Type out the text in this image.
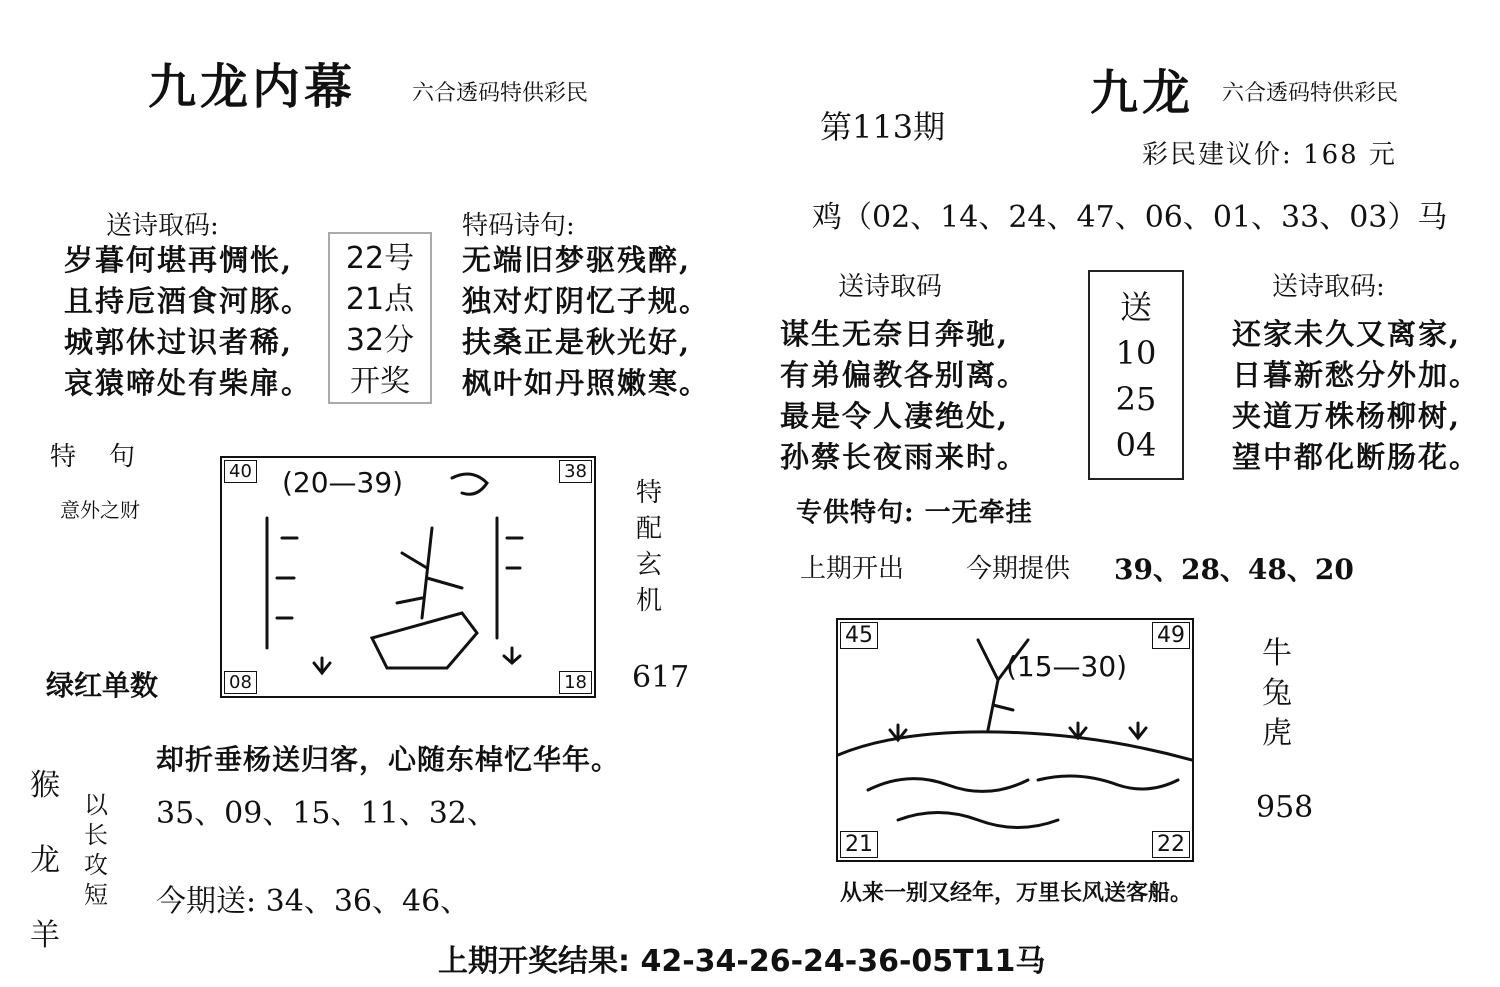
九龙内幕	六合透码特供彩民
送诗取码:
岁暮何堪再惆怅,
且持卮酒食河豚。
城郭休过识者稀,
哀猿啼处有柴扉。
22号
21点
32分
开奖
特码诗句:
无端旧梦驱残醉,
独对灯阴忆子规。
扶桑正是秋光好,
枫叶如丹照嫩寒。
特    句
意外之财
(20—39)
40	38
08	18
特
配
玄
机
绿红单数	617
猴
龙
羊
以
长
攻
短
却折垂杨送归客，心随东棹忆华年。
35、09、15、11、32、
今期送: 34、36、46、
九龙 六合透码特供彩民
第113期
彩民建议价: 168 元
鸡（02、14、24、47、06、01、33、03）马
送诗取码
谋生无奈日奔驰,
有弟偏教各别离。
最是令人凄绝处,
孙蔡长夜雨来时。
送
10
25
04
送诗取码:
还家未久又离家,
日暮新愁分外加。
夹道万株杨柳树,
望中都化断肠花。
专供特句: 一无牵挂
上期开出 今期提供 39、28、48、20
(15—30)
45	49
21	22
牛
兔
虎
958
从来一别又经年，万里长风送客船。
上期开奖结果: 42-34-26-24-36-05T11马
